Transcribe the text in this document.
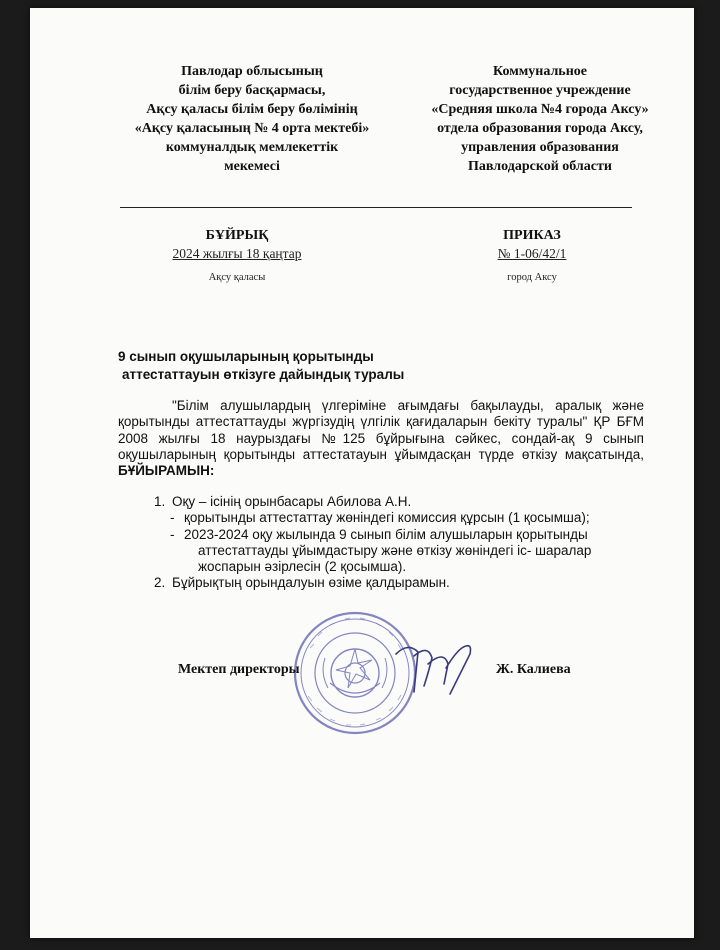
Павлодар облысының
білім беру басқармасы,
Ақсу қаласы білім беру бөлімінің
«Ақсу қаласының № 4 орта мектебі»
коммуналдық мемлекеттік
мекемесі
Коммунальное
государственное учреждение
«Средняя школа №4 города Аксу»
отдела образования города Аксу,
управления образования
Павлодарской области
БҰЙРЫҚ
2024 жылғы 18 қаңтар
Ақсу қаласы
ПРИКАЗ
№ 1-06/42/1
город Аксу
9 сынып оқушыларының қорытынды
аттестаттауын өткізуге дайындық туралы
"Білім алушылардың үлгеріміне ағымдағы бақылауды, аралық және қорытынды аттестаттауды жүргізудің үлгілік қағидаларын бекіту туралы" ҚР БҒМ 2008 жылғы 18 наурыздағы №125 бұйрығына сәйкес, сондай-ақ 9 сынып оқушыларының қорытынды аттестатауын ұйымдасқан түрде өткізу мақсатында, БҰЙЫРАМЫН:
1. Оқу – ісінің орынбасары Абилова А.Н.
- қорытынды аттестаттау жөніндегі комиссия құрсын (1 қосымша);
- 2023-2024 оқу жылында 9 сынып білім алушыларын қорытынды
аттестаттауды ұйымдастыру және өткізу жөніндегі іс- шаралар
жоспарын әзірлесін (2 қосымша).
2. Бұйрықтың орындалуын өзіме қалдырамын.
Мектеп директоры	Ж. Калиева
